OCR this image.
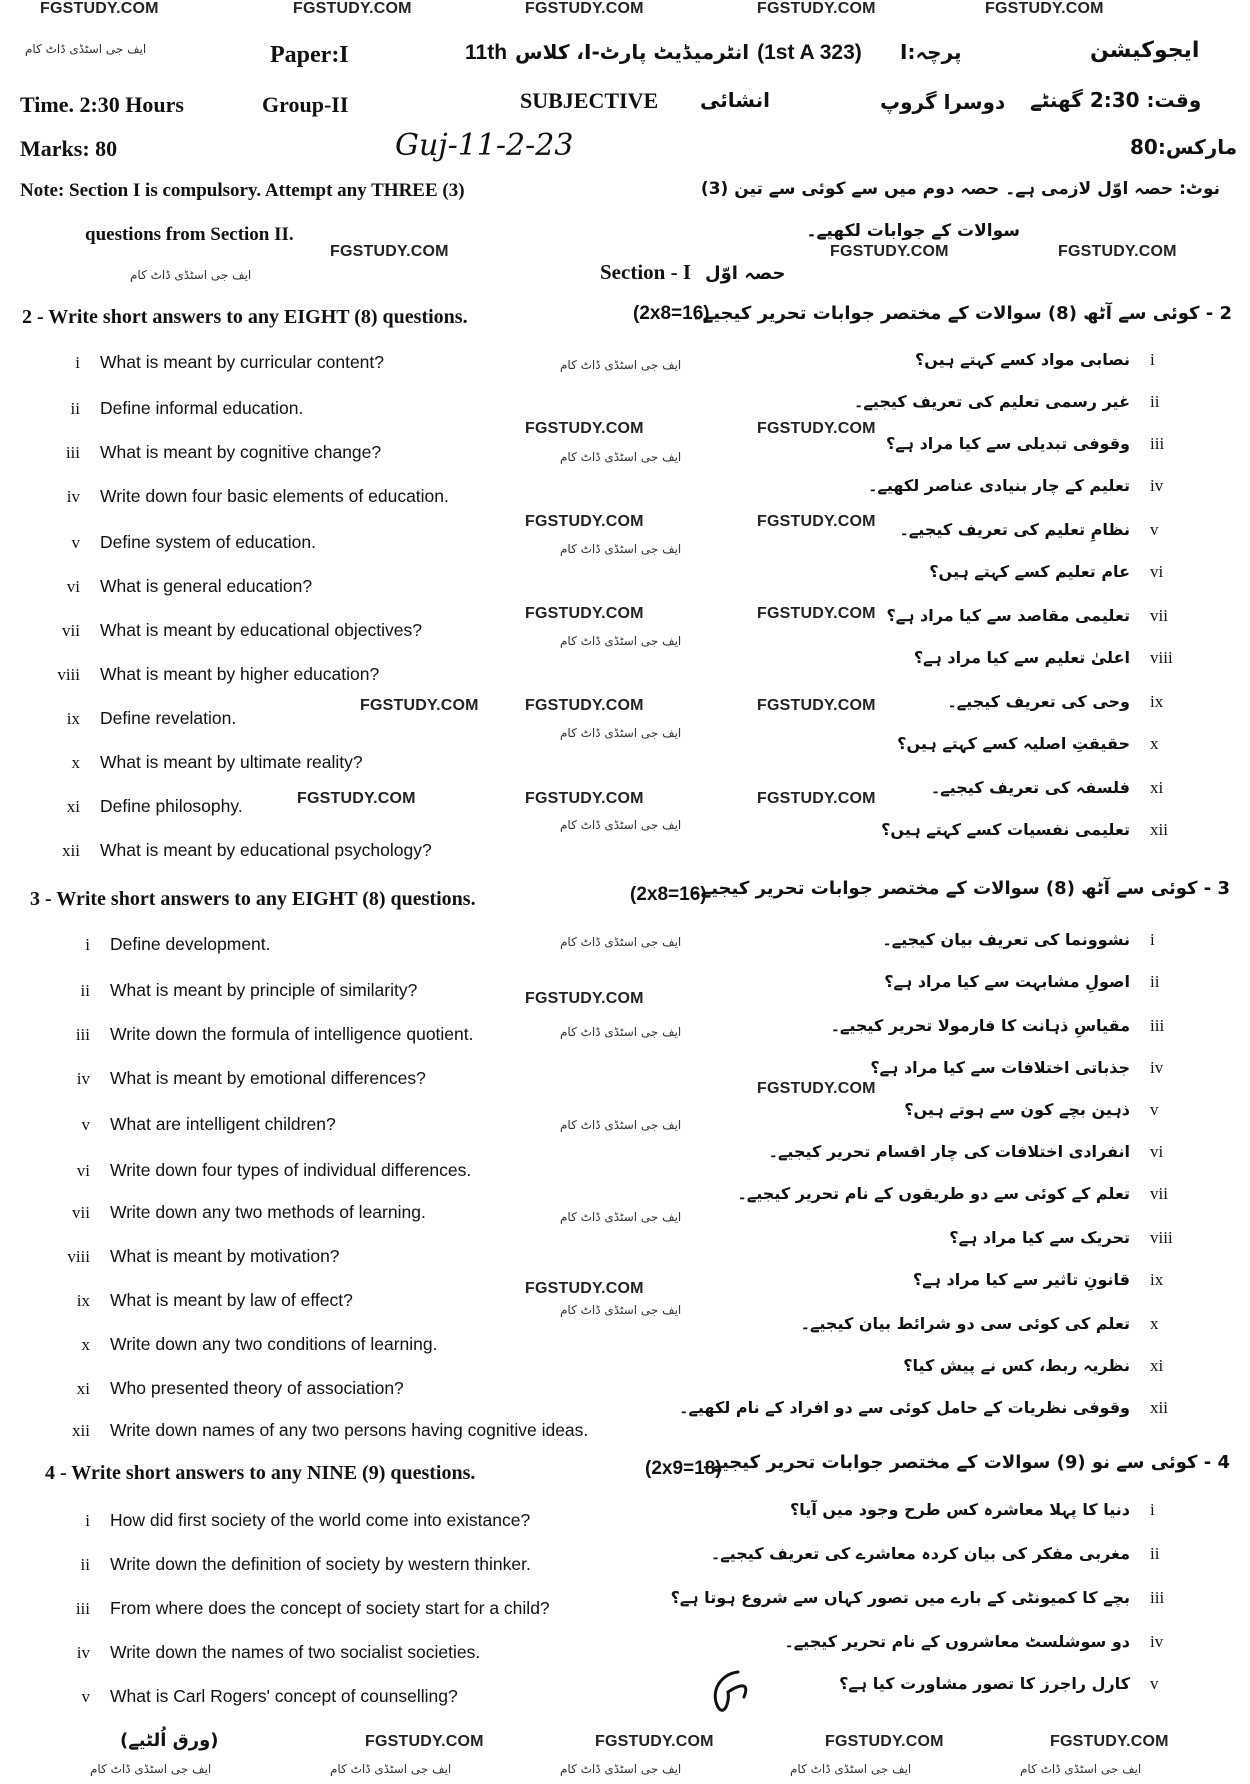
FGSTUDY.COM	FGSTUDY.COM	FGSTUDY.COM	FGSTUDY.COM	FGSTUDY.COM
ایف جی اسٹڈی ڈاٹ کام	Paper:I	11th انٹرمیڈیٹ پارٹ-I، کلاس (1st A 323) پرچہ:I	ایجوکیشن
Time. 2:30 Hours	Group-II	SUBJECTIVE انشائی	دوسرا گروپ وقت: 2:30 گھنٹے
Marks: 80	Guj-11-2-23	مارکس:80
Note: Section I is compulsory. Attempt any THREE (3)
questions from Section II.
نوٹ: حصہ اوّل لازمی ہے۔ حصہ دوم میں سے کوئی سے تین (3)
سوالات کے جوابات لکھیے۔
FGSTUDY.COM	FGSTUDY.COM	FGSTUDY.COM
ایف جی اسٹڈی ڈاٹ کام	Section - I حصہ اوّل
2 - Write short answers to any EIGHT (8) questions.	(2x8=16)
2 - کوئی سے آٹھ (8) سوالات کے مختصر جوابات تحریر کیجیے۔
i What is meant by curricular content?
ii Define informal education.
iii What is meant by cognitive change?
iv Write down four basic elements of education.
v Define system of education.
vi What is general education?
vii What is meant by educational objectives?
viii What is meant by higher education?
ix Define revelation.
x What is meant by ultimate reality?
xi Define philosophy.
xii What is meant by educational psychology?
i
نصابی مواد کسے کہتے ہیں؟
ii
غیر رسمی تعلیم کی تعریف کیجیے۔
iii
وقوفی تبدیلی سے کیا مراد ہے؟
iv
تعلیم کے چار بنیادی عناصر لکھیے۔
v
نظامِ تعلیم کی تعریف کیجیے۔
vi
عام تعلیم کسے کہتے ہیں؟
vii
تعلیمی مقاصد سے کیا مراد ہے؟
viii
اعلیٰ تعلیم سے کیا مراد ہے؟
ix
وحی کی تعریف کیجیے۔
x
حقیقتِ اصلیہ کسے کہتے ہیں؟
xi
فلسفہ کی تعریف کیجیے۔
xii
تعلیمی نفسیات کسے کہتے ہیں؟
FGSTUDY.COM	FGSTUDY.COM
FGSTUDY.COM	FGSTUDY.COM
FGSTUDY.COM	FGSTUDY.COM
FGSTUDY.COM	FGSTUDY.COM	FGSTUDY.COM
FGSTUDY.COM	FGSTUDY.COM	FGSTUDY.COM
ایف جی اسٹڈی ڈاٹ کام
ایف جی اسٹڈی ڈاٹ کام
ایف جی اسٹڈی ڈاٹ کام
ایف جی اسٹڈی ڈاٹ کام
ایف جی اسٹڈی ڈاٹ کام
ایف جی اسٹڈی ڈاٹ کام
3 - Write short answers to any EIGHT (8) questions.	(2x8=16)
3 - کوئی سے آٹھ (8) سوالات کے مختصر جوابات تحریر کیجیے۔
i Define development.
ii What is meant by principle of similarity?
iii Write down the formula of intelligence quotient.
iv What is meant by emotional differences?
v What are intelligent children?
vi Write down four types of individual differences.
vii Write down any two methods of learning.
viii What is meant by motivation?
ix What is meant by law of effect?
x Write down any two conditions of learning.
xi Who presented theory of association?
xii Write down names of any two persons having cognitive ideas.
i
نشوونما کی تعریف بیان کیجیے۔
ii
اصولِ مشابہت سے کیا مراد ہے؟
iii
مقیاسِ ذہانت کا فارمولا تحریر کیجیے۔
iv
جذباتی اختلافات سے کیا مراد ہے؟
v
ذہین بچے کون سے ہوتے ہیں؟
vi
انفرادی اختلافات کی چار اقسام تحریر کیجیے۔
vii
تعلم کے کوئی سے دو طریقوں کے نام تحریر کیجیے۔
viii
تحریک سے کیا مراد ہے؟
ix
قانونِ تاثیر سے کیا مراد ہے؟
x
تعلم کی کوئی سی دو شرائط بیان کیجیے۔
xi
نظریہ ربط، کس نے پیش کیا؟
xii
وقوفی نظریات کے حامل کوئی سے دو افراد کے نام لکھیے۔
FGSTUDY.COM
FGSTUDY.COM
FGSTUDY.COM
ایف جی اسٹڈی ڈاٹ کام
ایف جی اسٹڈی ڈاٹ کام
ایف جی اسٹڈی ڈاٹ کام
ایف جی اسٹڈی ڈاٹ کام
ایف جی اسٹڈی ڈاٹ کام
4 - Write short answers to any NINE (9) questions.	(2x9=18)
4 - کوئی سے نو (9) سوالات کے مختصر جوابات تحریر کیجیے۔
i How did first society of the world come into existance?
ii Write down the definition of society by western thinker.
iii From where does the concept of society start for a child?
iv Write down the names of two socialist societies.
v What is Carl Rogers' concept of counselling?
i
دنیا کا پہلا معاشرہ کس طرح وجود میں آیا؟
ii
مغربی مفکر کی بیان کردہ معاشرے کی تعریف کیجیے۔
iii
بچے کا کمیونٹی کے بارے میں تصور کہاں سے شروع ہوتا ہے؟
iv
دو سوشلسٹ معاشروں کے نام تحریر کیجیے۔
v
کارل راجرز کا تصور مشاورت کیا ہے؟
(ورق اُلٹیے)	FGSTUDY.COM	FGSTUDY.COM	FGSTUDY.COM	FGSTUDY.COM
ایف جی اسٹڈی ڈاٹ کام	ایف جی اسٹڈی ڈاٹ کام	ایف جی اسٹڈی ڈاٹ کام	ایف جی اسٹڈی ڈاٹ کام	ایف جی اسٹڈی ڈاٹ کام
